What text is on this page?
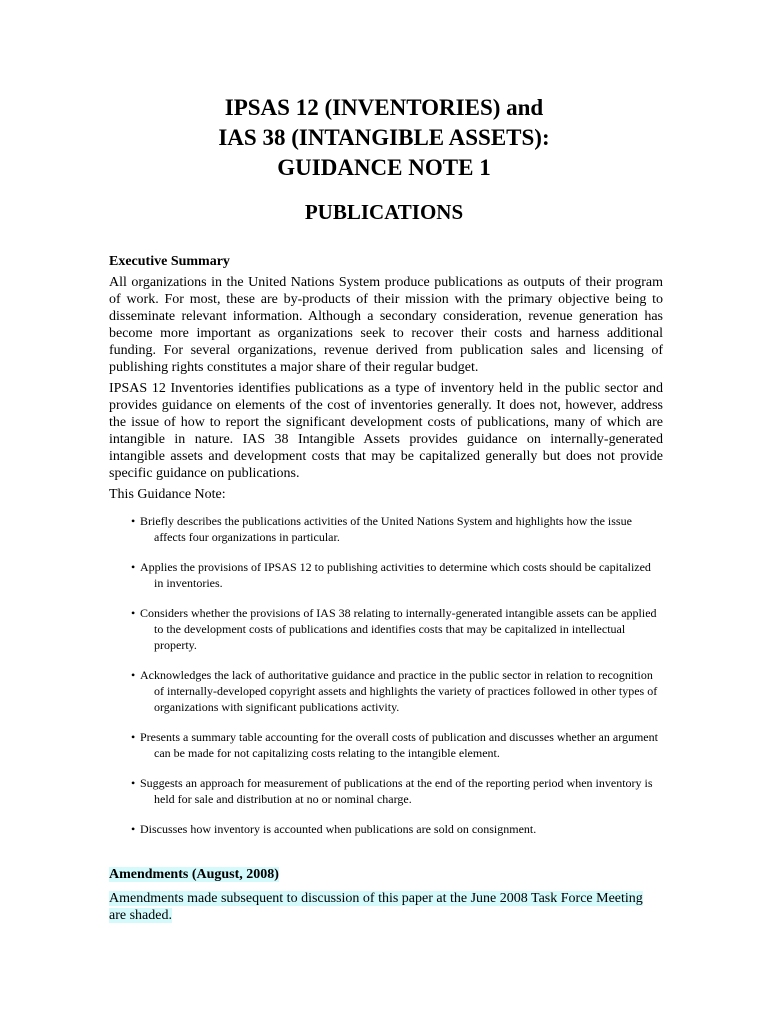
IPSAS 12 (INVENTORIES) and

IAS 38 (INTANGIBLE ASSETS):

GUIDANCE NOTE 1

PUBLICATIONS

Executive Summary

All organizations in the United Nations System produce publications as outputs of their program of work. For most, these are by-products of their mission with the primary objective being to disseminate relevant information. Although a secondary consideration, revenue generation has become more important as organizations seek to recover their costs and harness additional funding. For several organizations, revenue derived from publication sales and licensing of publishing rights constitutes a major share of their regular budget.

IPSAS 12 Inventories identifies publications as a type of inventory held in the public sector and provides guidance on elements of the cost of inventories generally. It does not, however, address the issue of how to report the significant development costs of publications, many of which are intangible in nature. IAS 38 Intangible Assets provides guidance on internally-generated intangible assets and development costs that may be capitalized generally but does not provide specific guidance on publications.

This Guidance Note:

• Briefly describes the publications activities of the United Nations System and highlights how the issue affects four organizations in particular.
• Applies the provisions of IPSAS 12 to publishing activities to determine which costs should be capitalized in inventories.
• Considers whether the provisions of IAS 38 relating to internally-generated intangible assets can be applied to the development costs of publications and identifies costs that may be capitalized in intellectual property.
• Acknowledges the lack of authoritative guidance and practice in the public sector in relation to recognition of internally-developed copyright assets and highlights the variety of practices followed in other types of organizations with significant publications activity.
• Presents a summary table accounting for the overall costs of publication and discusses whether an argument can be made for not capitalizing costs relating to the intangible element.
• Suggests an approach for measurement of publications at the end of the reporting period when inventory is held for sale and distribution at no or nominal charge.
• Discusses how inventory is accounted when publications are sold on consignment.

Amendments (August, 2008)

Amendments made subsequent to discussion of this paper at the June 2008 Task Force Meeting are shaded.
